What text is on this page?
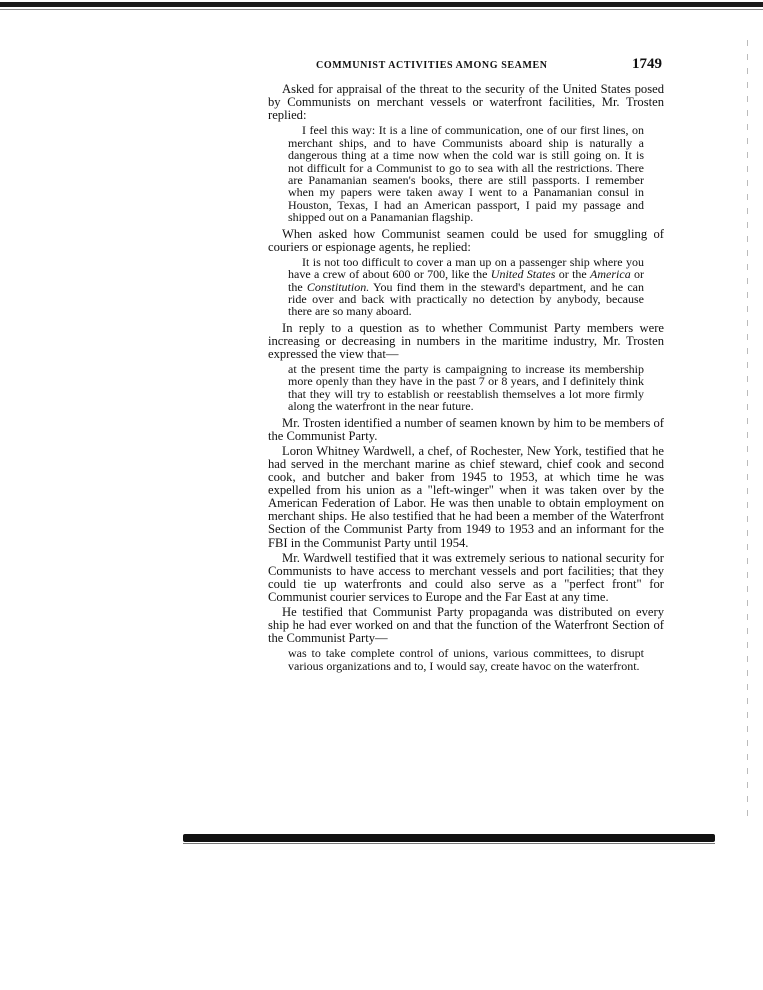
COMMUNIST ACTIVITIES AMONG SEAMEN	1749

Asked for appraisal of the threat to the security of the United States posed by Communists on merchant vessels or waterfront facilities, Mr. Trosten replied:

I feel this way: It is a line of communication, one of our first lines, on merchant ships, and to have Communists aboard ship is naturally a dangerous thing at a time now when the cold war is still going on. It is not difficult for a Communist to go to sea with all the restrictions. There are Panamanian seamen's books, there are still passports. I remember when my papers were taken away I went to a Panamanian consul in Houston, Texas, I had an American passport, I paid my passage and shipped out on a Panamanian flagship.

When asked how Communist seamen could be used for smuggling of couriers or espionage agents, he replied:

It is not too difficult to cover a man up on a passenger ship where you have a crew of about 600 or 700, like the United States or the America or the Constitution. You find them in the steward's department, and he can ride over and back with practically no detection by anybody, because there are so many aboard.

In reply to a question as to whether Communist Party members were increasing or decreasing in numbers in the maritime industry, Mr. Trosten expressed the view that—

at the present time the party is campaigning to increase its membership more openly than they have in the past 7 or 8 years, and I definitely think that they will try to establish or reestablish themselves a lot more firmly along the waterfront in the near future.

Mr. Trosten identified a number of seamen known by him to be members of the Communist Party.

Loron Whitney Wardwell, a chef, of Rochester, New York, testified that he had served in the merchant marine as chief steward, chief cook and second cook, and butcher and baker from 1945 to 1953, at which time he was expelled from his union as a "left-winger" when it was taken over by the American Federation of Labor. He was then unable to obtain employment on merchant ships. He also testified that he had been a member of the Waterfront Section of the Communist Party from 1949 to 1953 and an informant for the FBI in the Communist Party until 1954.

Mr. Wardwell testified that it was extremely serious to national security for Communists to have access to merchant vessels and port facilities; that they could tie up waterfronts and could also serve as a "perfect front" for Communist courier services to Europe and the Far East at any time.

He testified that Communist Party propaganda was distributed on every ship he had ever worked on and that the function of the Waterfront Section of the Communist Party—

was to take complete control of unions, various committees, to disrupt various organizations and to, I would say, create havoc on the waterfront.
